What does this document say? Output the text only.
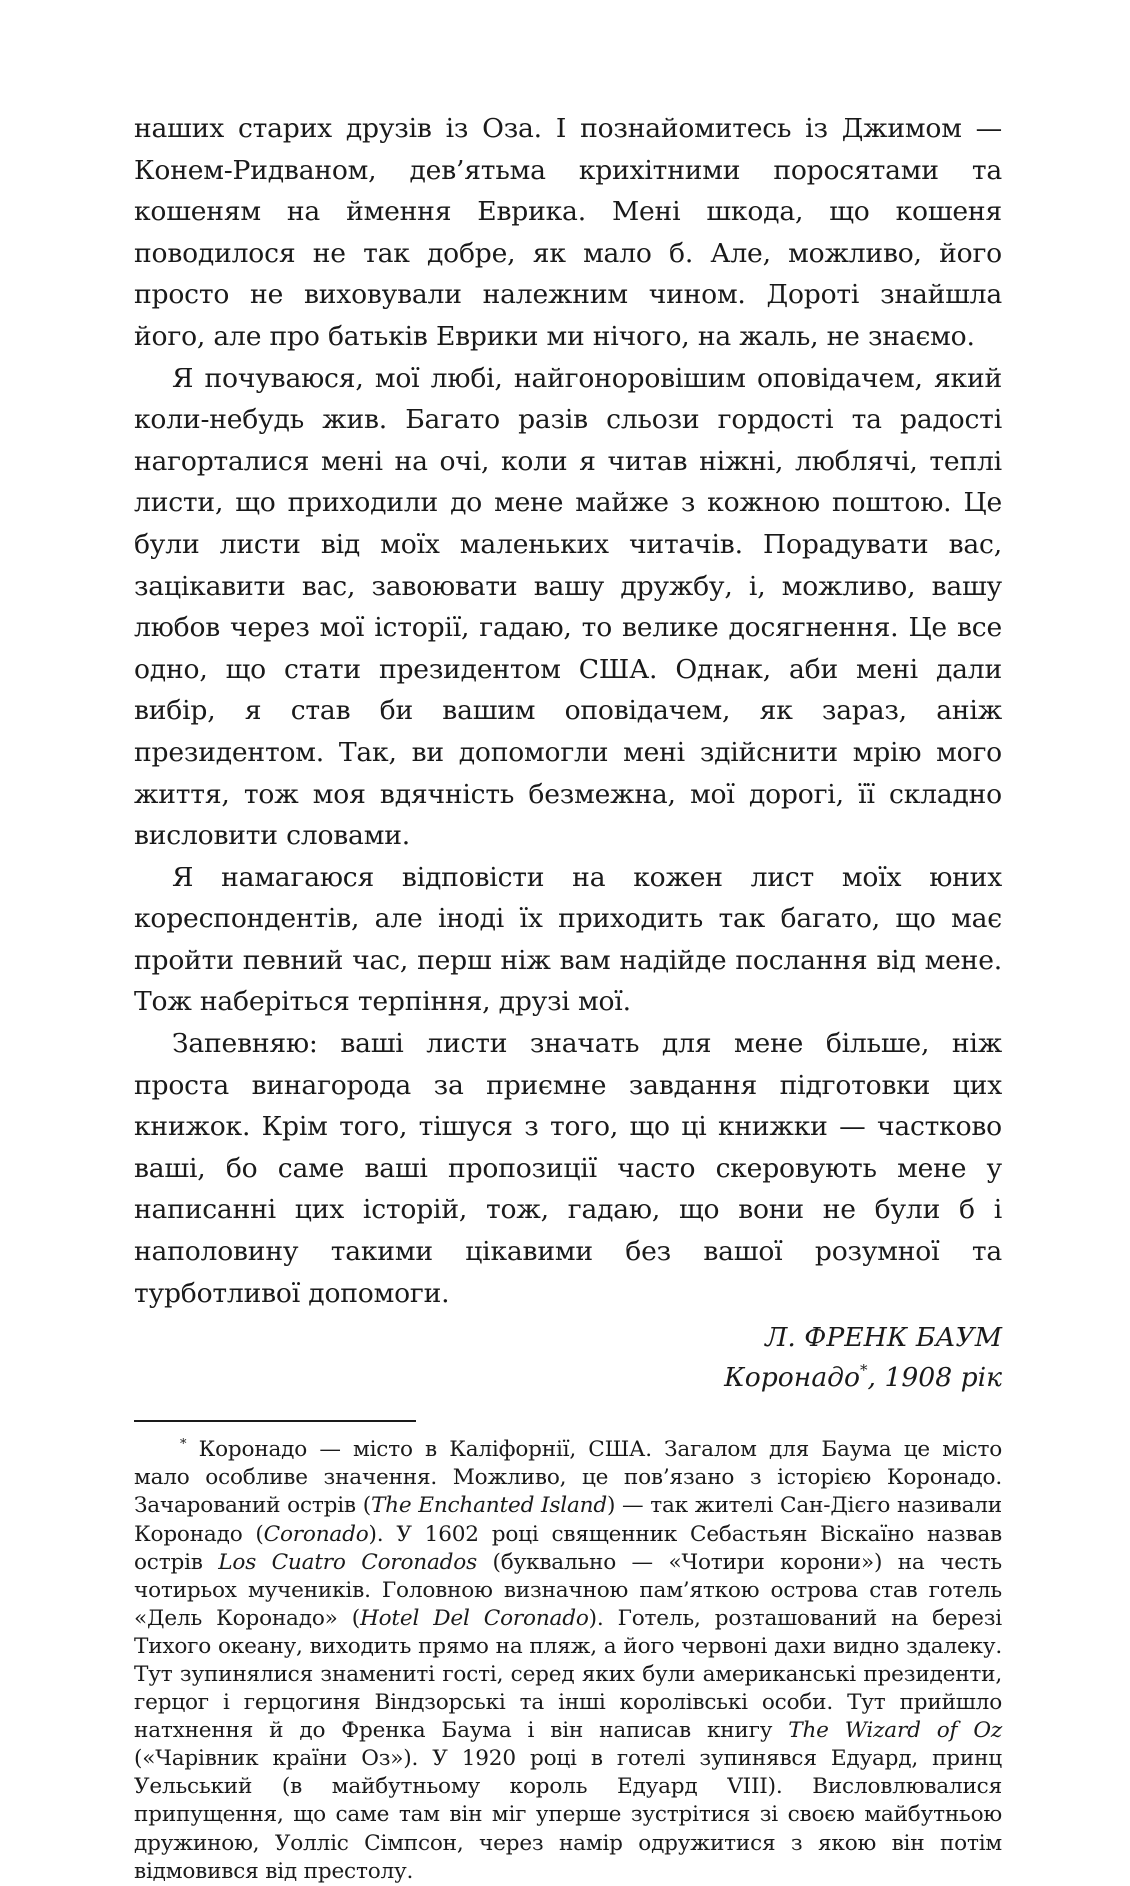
наших старих друзів із Оза. І познайомитесь із Джимом — Конем-Ридваном, дев’ятьма крихітними поросятами та кошеням на ймення Еврика. Мені шкода, що кошеня поводилося не так добре, як мало б. Але, можливо, його просто не виховували належним чином. Дороті знайшла його, але про батьків Еврики ми нічого, на жаль, не знаємо.

Я почуваюся, мої любі, найгоноровішим оповідачем, який коли-небудь жив. Багато разів сльози гордості та радості нагорталися мені на очі, коли я читав ніжні, люблячі, теплі листи, що приходили до мене майже з кожною поштою. Це були листи від моїх маленьких читачів. Порадувати вас, зацікавити вас, завоювати вашу дружбу, і, можливо, вашу любов через мої історії, гадаю, то велике досягнення. Це все одно, що стати президентом США. Однак, аби мені дали вибір, я став би вашим оповідачем, як зараз, аніж президентом. Так, ви допомогли мені здійснити мрію мого життя, тож моя вдячність безмежна, мої дорогі, її складно висловити словами.

Я намагаюся відповісти на кожен лист моїх юних кореспондентів, але іноді їх приходить так багато, що має пройти певний час, перш ніж вам надійде послання від мене. Тож наберіться терпіння, друзі мої.

Запевняю: ваші листи значать для мене більше, ніж проста винагорода за приємне завдання підготовки цих книжок. Крім того, тішуся з того, що ці книжки — частково ваші, бо саме ваші пропозиції часто скеровують мене у написанні цих історій, тож, гадаю, що вони не були б і наполовину такими цікавими без вашої розумної та турботливої допомоги.

Л. ФРЕНК БАУМ
Коронадо*, 1908 рік

* Коронадо — місто в Каліфорнії, США. Загалом для Баума це місто мало особливе значення. Можливо, це пов’язано з історією Коронадо. Зачарований острів (The Enchanted Island) — так жителі Сан-Дієго називали Коронадо (Coronado). У 1602 році священник Себастьян Віскаїно назвав острів Los Cuatro Coronados (буквально — «Чотири корони») на честь чотирьох мучеників. Головною визначною пам’яткою острова став готель «Дель Коронадо» (Hotel Del Coronado). Готель, розташований на березі Тихого океану, виходить прямо на пляж, а його червоні дахи видно здалеку. Тут зупинялися знамениті гості, серед яких були американські президенти, герцог і герцогиня Віндзорські та інші королівські особи. Тут прийшло натхнення й до Френка Баума і він написав книгу The Wizard of Oz («Чарівник країни Оз»). У 1920 році в готелі зупинявся Едуард, принц Уельський (в майбутньому король Едуард VIII). Висловлювалися припущення, що саме там він міг уперше зустрітися зі своєю майбутньою дружиною, Уолліс Сімпсон, через намір одружитися з якою він потім відмовився від престолу.
